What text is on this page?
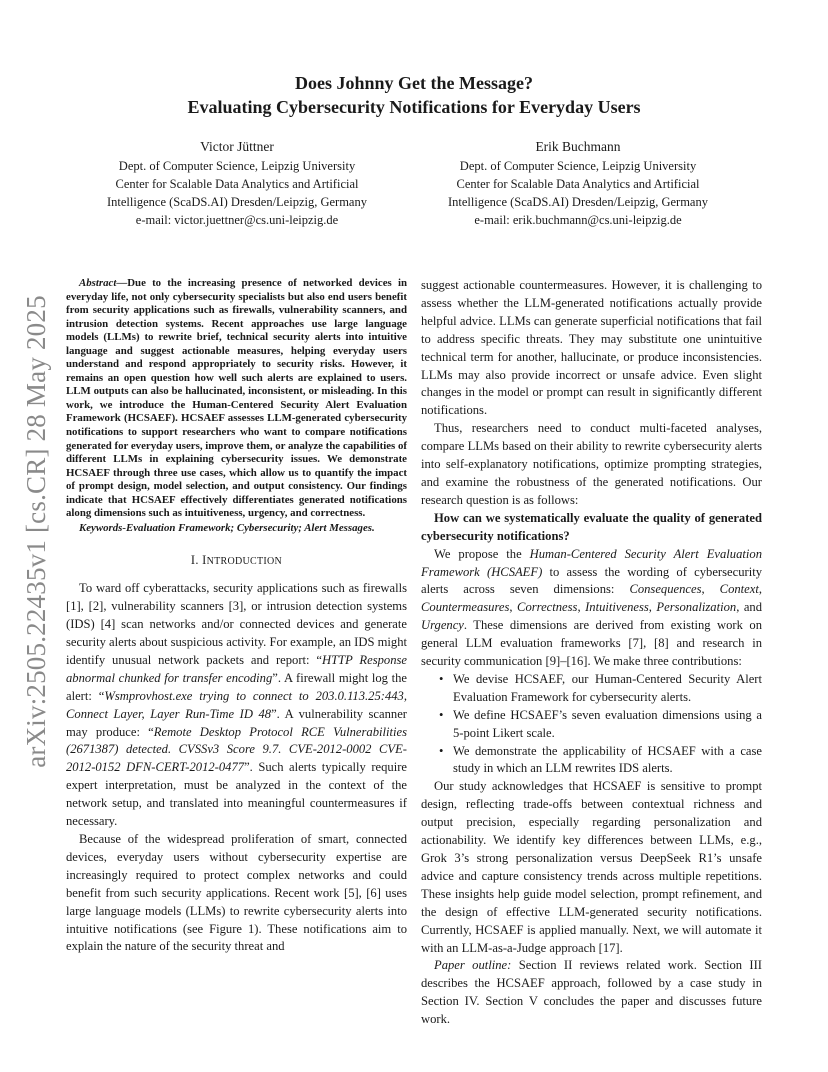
arXiv:2505.22435v1 [cs.CR] 28 May 2025
Does Johnny Get the Message?
Evaluating Cybersecurity Notifications for Everyday Users
Victor Jüttner
Dept. of Computer Science, Leipzig University
Center for Scalable Data Analytics and Artificial
Intelligence (ScaDS.AI) Dresden/Leipzig, Germany
e-mail: victor.juettner@cs.uni-leipzig.de
Erik Buchmann
Dept. of Computer Science, Leipzig University
Center for Scalable Data Analytics and Artificial
Intelligence (ScaDS.AI) Dresden/Leipzig, Germany
e-mail: erik.buchmann@cs.uni-leipzig.de
Abstract—Due to the increasing presence of networked devices in everyday life, not only cybersecurity specialists but also end users benefit from security applications such as firewalls, vulnerability scanners, and intrusion detection systems. Recent approaches use large language models (LLMs) to rewrite brief, technical security alerts into intuitive language and suggest actionable measures, helping everyday users understand and respond appropriately to security risks. However, it remains an open question how well such alerts are explained to users. LLM outputs can also be hallucinated, inconsistent, or misleading. In this work, we introduce the Human-Centered Security Alert Evaluation Framework (HCSAEF). HCSAEF assesses LLM-generated cybersecurity notifications to support researchers who want to compare notifications generated for everyday users, improve them, or analyze the capabilities of different LLMs in explaining cybersecurity issues. We demonstrate HCSAEF through three use cases, which allow us to quantify the impact of prompt design, model selection, and output consistency. Our findings indicate that HCSAEF effectively differentiates generated notifications along dimensions such as intuitiveness, urgency, and correctness.
Keywords-Evaluation Framework; Cybersecurity; Alert Messages.
I. INTRODUCTION

To ward off cyberattacks, security applications such as firewalls [1], [2], vulnerability scanners [3], or intrusion detection systems (IDS) [4] scan networks and/or connected devices and generate security alerts about suspicious activity. For example, an IDS might identify unusual network packets and report: “HTTP Response abnormal chunked for transfer encoding”. A firewall might log the alert: “Wsmprovhost.exe trying to connect to 203.0.113.25:443, Connect Layer, Layer Run-Time ID 48”. A vulnerability scanner may produce: “Remote Desktop Protocol RCE Vulnerabilities (2671387) detected. CVSSv3 Score 9.7. CVE-2012-0002 CVE-2012-0152 DFN-CERT-2012-0477”. Such alerts typically require expert interpretation, must be analyzed in the context of the network setup, and translated into meaningful countermeasures if necessary.

Because of the widespread proliferation of smart, connected devices, everyday users without cybersecurity expertise are increasingly required to protect complex networks and could benefit from such security applications. Recent work [5], [6] uses large language models (LLMs) to rewrite cybersecurity alerts into intuitive notifications (see Figure 1). These notifications aim to explain the nature of the security threat and

suggest actionable countermeasures. However, it is challenging to assess whether the LLM-generated notifications actually provide helpful advice. LLMs can generate superficial notifications that fail to address specific threats. They may substitute one unintuitive technical term for another, hallucinate, or produce inconsistencies. LLMs may also provide incorrect or unsafe advice. Even slight changes in the model or prompt can result in significantly different notifications.

Thus, researchers need to conduct multi-faceted analyses, compare LLMs based on their ability to rewrite cybersecurity alerts into self-explanatory notifications, optimize prompting strategies, and examine the robustness of the generated notifications. Our research question is as follows:

How can we systematically evaluate the quality of generated cybersecurity notifications?

We propose the Human-Centered Security Alert Evaluation Framework (HCSAEF) to assess the wording of cybersecurity alerts across seven dimensions: Consequences, Context, Countermeasures, Correctness, Intuitiveness, Personalization, and Urgency. These dimensions are derived from existing work on general LLM evaluation frameworks [7], [8] and research in security communication [9]–[16]. We make three contributions:

• We devise HCSAEF, our Human-Centered Security Alert Evaluation Framework for cybersecurity alerts.
• We define HCSAEF’s seven evaluation dimensions using a 5-point Likert scale.
• We demonstrate the applicability of HCSAEF with a case study in which an LLM rewrites IDS alerts.

Our study acknowledges that HCSAEF is sensitive to prompt design, reflecting trade-offs between contextual richness and output precision, especially regarding personalization and actionability. We identify key differences between LLMs, e.g., Grok 3’s strong personalization versus DeepSeek R1’s unsafe advice and capture consistency trends across multiple repetitions. These insights help guide model selection, prompt refinement, and the design of effective LLM-generated security notifications. Currently, HCSAEF is applied manually. Next, we will automate it with an LLM-as-a-Judge approach [17].

Paper outline: Section II reviews related work. Section III describes the HCSAEF approach, followed by a case study in Section IV. Section V concludes the paper and discusses future work.
